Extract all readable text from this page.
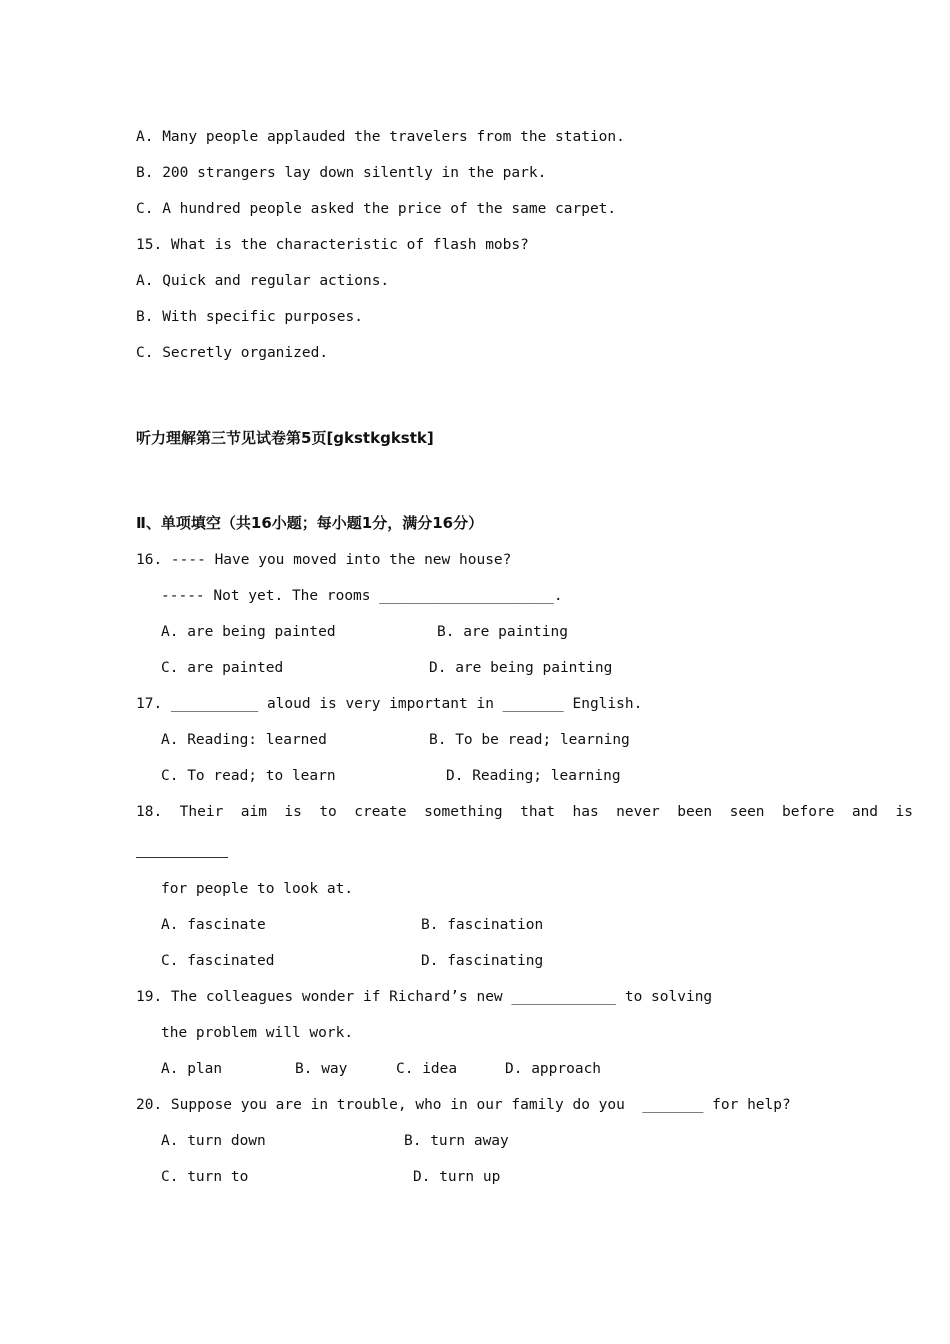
A. Many people applauded the travelers from the station.
B. 200 strangers lay down silently in the park.
C. A hundred people asked the price of the same carpet.
15. What is the characteristic of flash mobs?
A. Quick and regular actions.
B. With specific purposes.
C. Secretly organized.
听力理解第三节见试卷第5页[gkstkgkstk]
Ⅱ、单项填空（共16小题；每小题1分，满分16分）
16. ---- Have you moved into the new house?
----- Not yet. The rooms ____________________.
A. are being painted	B. are painting
C. are painted	D. are being painting
17. __________ aloud is very important in _______ English.
A. Reading: learned	B. To be read; learning
C. To read; to learn	D. Reading; learning
18.  Their  aim  is  to  create  something  that  has  never  been  seen  before  and  is
for people to look at.
A. fascinate	B. fascination
C. fascinated	D. fascinating
19. The colleagues wonder if Richard’s new ____________ to solving
the problem will work.
A. plan	B. way	C. idea	D. approach
20. Suppose you are in trouble, who in our family do you  _______ for help?
A. turn down	B. turn away
C. turn to	D. turn up
